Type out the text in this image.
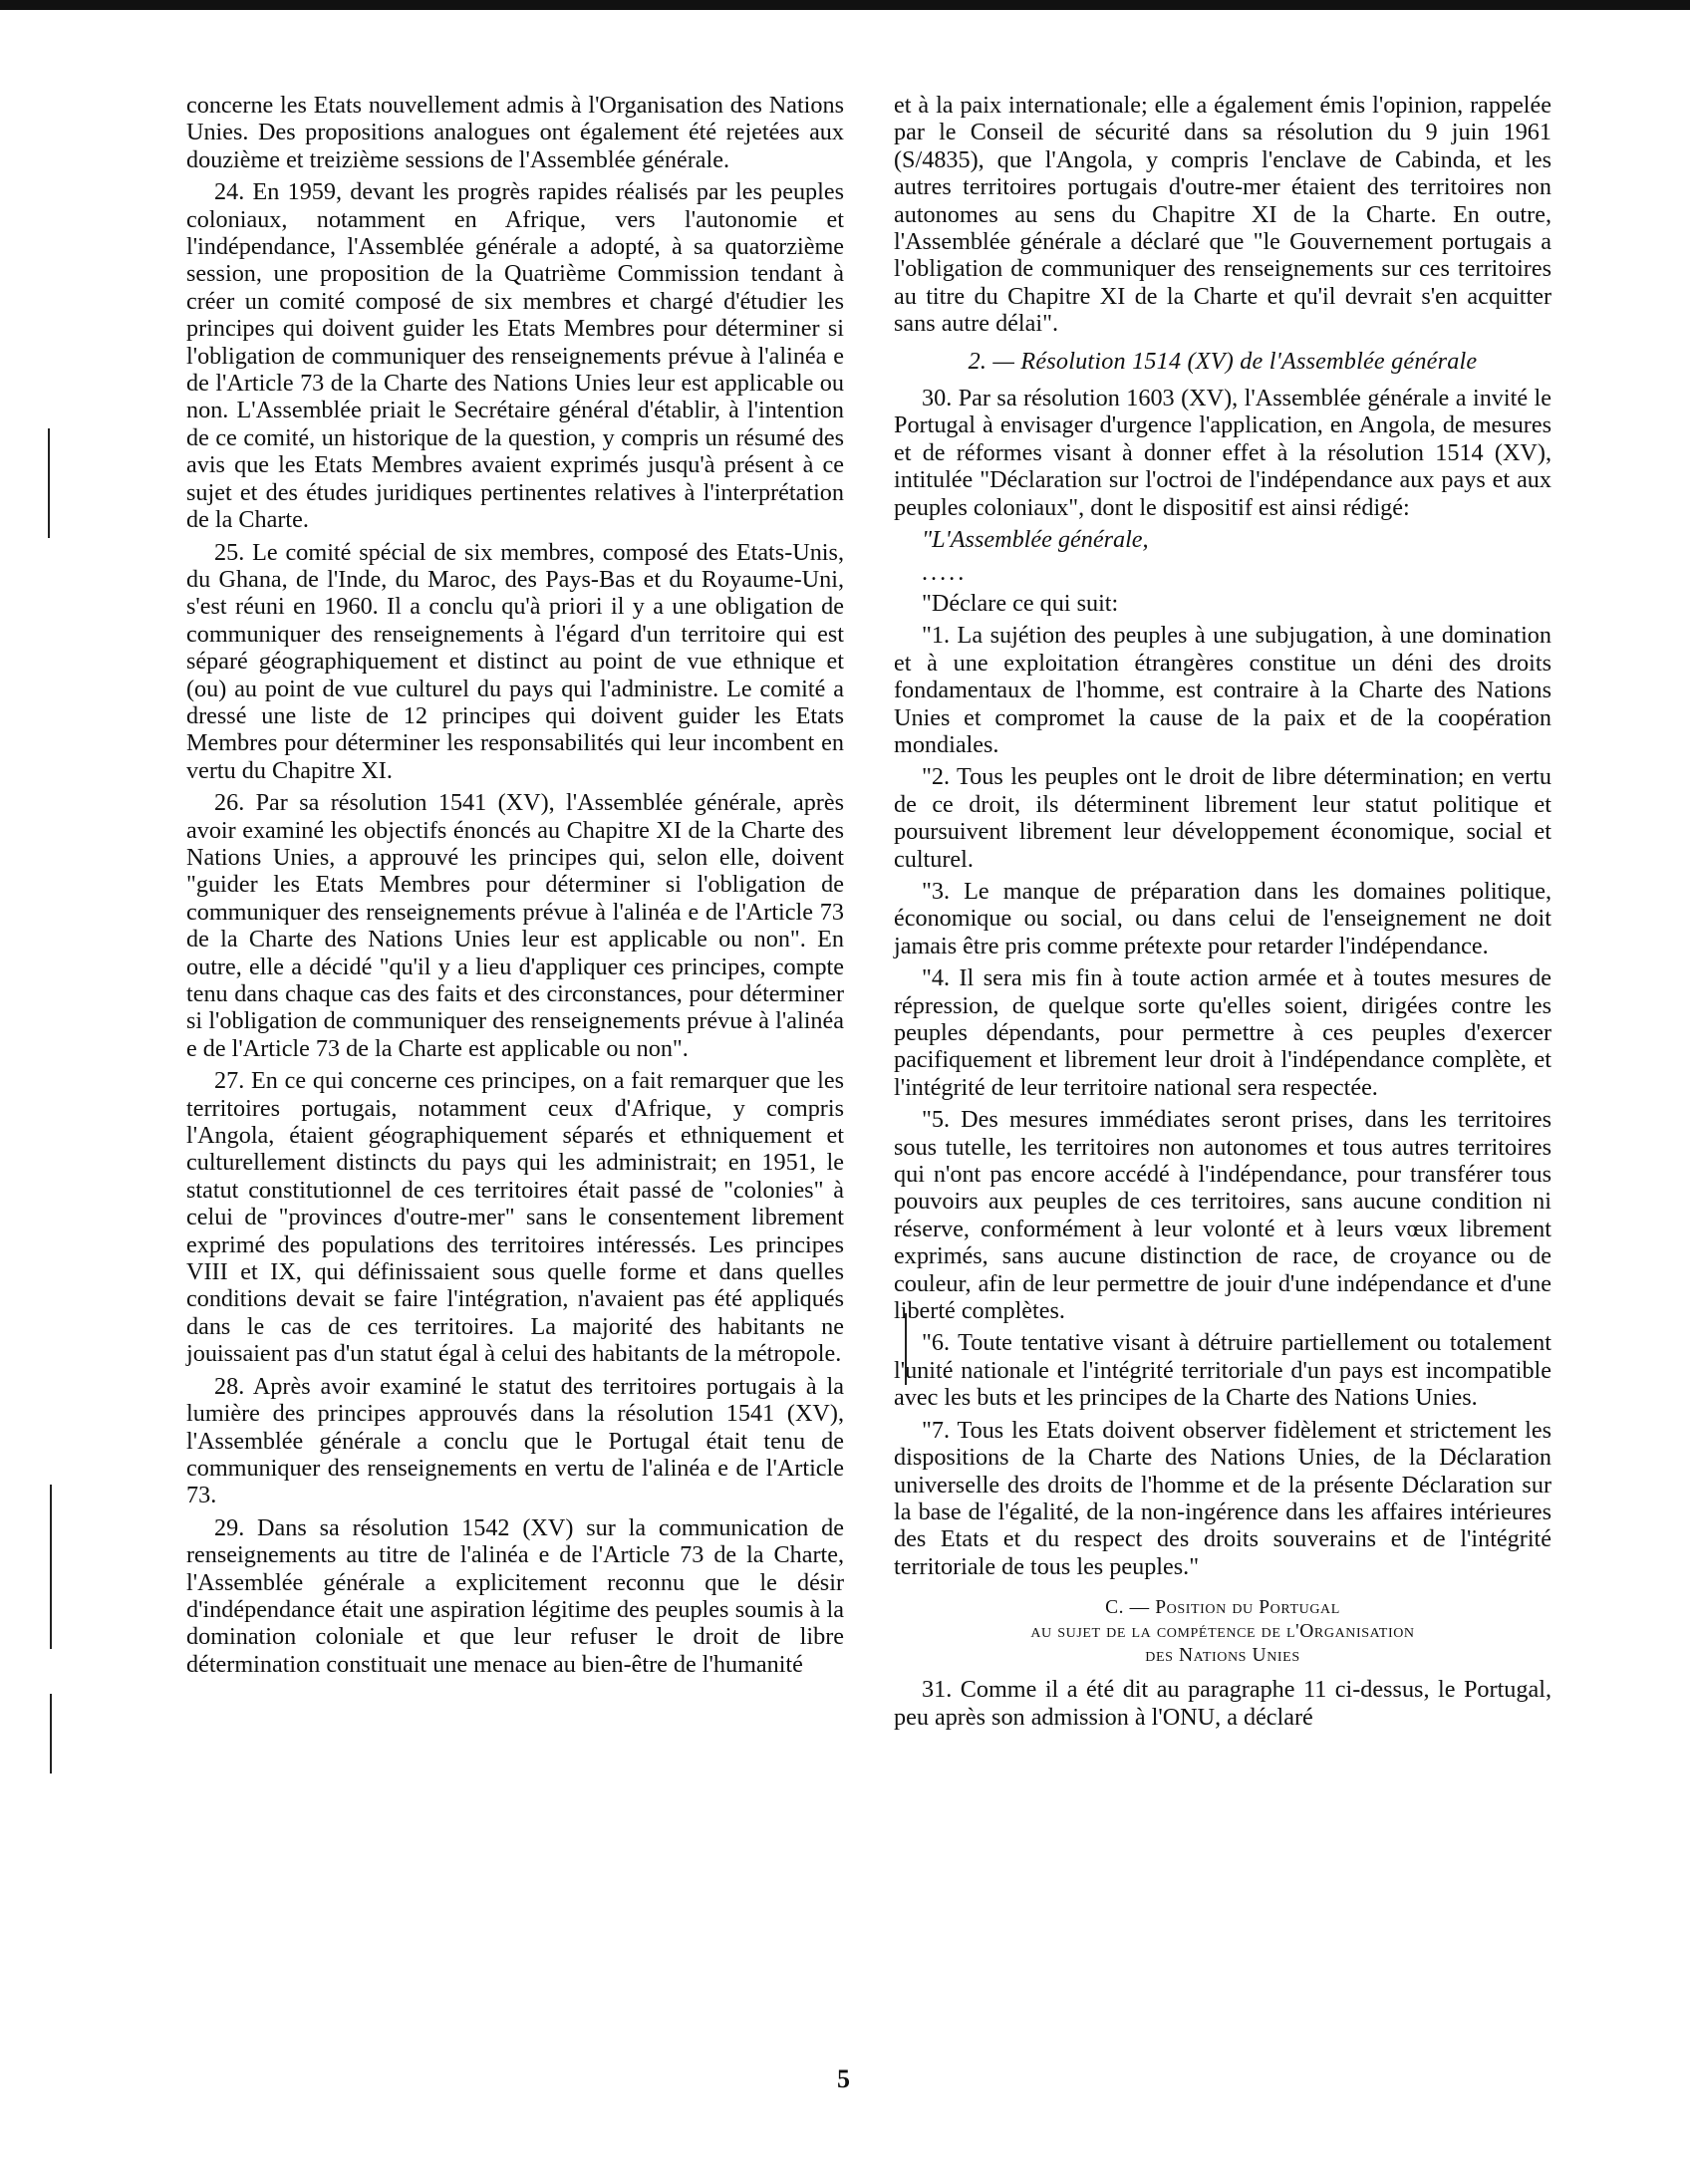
concerne les Etats nouvellement admis à l'Organisation des Nations Unies. Des propositions analogues ont également été rejetées aux douzième et treizième sessions de l'Assemblée générale.

24. En 1959, devant les progrès rapides réalisés par les peuples coloniaux, notamment en Afrique, vers l'autonomie et l'indépendance, l'Assemblée générale a adopté, à sa quatorzième session, une proposition de la Quatrième Commission tendant à créer un comité composé de six membres et chargé d'étudier les principes qui doivent guider les Etats Membres pour déterminer si l'obligation de communiquer des renseignements prévue à l'alinéa e de l'Article 73 de la Charte des Nations Unies leur est applicable ou non. L'Assemblée priait le Secrétaire général d'établir, à l'intention de ce comité, un historique de la question, y compris un résumé des avis que les Etats Membres avaient exprimés jusqu'à présent à ce sujet et des études juridiques pertinentes relatives à l'interprétation de la Charte.

25. Le comité spécial de six membres, composé des Etats-Unis, du Ghana, de l'Inde, du Maroc, des Pays-Bas et du Royaume-Uni, s'est réuni en 1960. Il a conclu qu'à priori il y a une obligation de communiquer des renseignements à l'égard d'un territoire qui est séparé géographiquement et distinct au point de vue ethnique et (ou) au point de vue culturel du pays qui l'administre. Le comité a dressé une liste de 12 principes qui doivent guider les Etats Membres pour déterminer les responsabilités qui leur incombent en vertu du Chapitre XI.

26. Par sa résolution 1541 (XV), l'Assemblée générale, après avoir examiné les objectifs énoncés au Chapitre XI de la Charte des Nations Unies, a approuvé les principes qui, selon elle, doivent "guider les Etats Membres pour déterminer si l'obligation de communiquer des renseignements prévue à l'alinéa e de l'Article 73 de la Charte des Nations Unies leur est applicable ou non". En outre, elle a décidé "qu'il y a lieu d'appliquer ces principes, compte tenu dans chaque cas des faits et des circonstances, pour déterminer si l'obligation de communiquer des renseignements prévue à l'alinéa e de l'Article 73 de la Charte est applicable ou non".

27. En ce qui concerne ces principes, on a fait remarquer que les territoires portugais, notamment ceux d'Afrique, y compris l'Angola, étaient géographiquement séparés et ethniquement et culturellement distincts du pays qui les administrait; en 1951, le statut constitutionnel de ces territoires était passé de "colonies" à celui de "provinces d'outre-mer" sans le consentement librement exprimé des populations des territoires intéressés. Les principes VIII et IX, qui définissaient sous quelle forme et dans quelles conditions devait se faire l'intégration, n'avaient pas été appliqués dans le cas de ces territoires. La majorité des habitants ne jouissaient pas d'un statut égal à celui des habitants de la métropole.

28. Après avoir examiné le statut des territoires portugais à la lumière des principes approuvés dans la résolution 1541 (XV), l'Assemblée générale a conclu que le Portugal était tenu de communiquer des renseignements en vertu de l'alinéa e de l'Article 73.

29. Dans sa résolution 1542 (XV) sur la communication de renseignements au titre de l'alinéa e de l'Article 73 de la Charte, l'Assemblée générale a explicitement reconnu que le désir d'indépendance était une aspiration légitime des peuples soumis à la domination coloniale et que leur refuser le droit de libre détermination constituait une menace au bien-être de l'humanité

et à la paix internationale; elle a également émis l'opinion, rappelée par le Conseil de sécurité dans sa résolution du 9 juin 1961 (S/4835), que l'Angola, y compris l'enclave de Cabinda, et les autres territoires portugais d'outre-mer étaient des territoires non autonomes au sens du Chapitre XI de la Charte. En outre, l'Assemblée générale a déclaré que "le Gouvernement portugais a l'obligation de communiquer des renseignements sur ces territoires au titre du Chapitre XI de la Charte et qu'il devrait s'en acquitter sans autre délai".

2. — Résolution 1514 (XV) de l'Assemblée générale

30. Par sa résolution 1603 (XV), l'Assemblée générale a invité le Portugal à envisager d'urgence l'application, en Angola, de mesures et de réformes visant à donner effet à la résolution 1514 (XV), intitulée "Déclaration sur l'octroi de l'indépendance aux pays et aux peuples coloniaux", dont le dispositif est ainsi rédigé:

"L'Assemblée générale,

.....

"Déclare ce qui suit:

"1. La sujétion des peuples à une subjugation, à une domination et à une exploitation étrangères constitue un déni des droits fondamentaux de l'homme, est contraire à la Charte des Nations Unies et compromet la cause de la paix et de la coopération mondiales.

"2. Tous les peuples ont le droit de libre détermination; en vertu de ce droit, ils déterminent librement leur statut politique et poursuivent librement leur développement économique, social et culturel.

"3. Le manque de préparation dans les domaines politique, économique ou social, ou dans celui de l'enseignement ne doit jamais être pris comme prétexte pour retarder l'indépendance.

"4. Il sera mis fin à toute action armée et à toutes mesures de répression, de quelque sorte qu'elles soient, dirigées contre les peuples dépendants, pour permettre à ces peuples d'exercer pacifiquement et librement leur droit à l'indépendance complète, et l'intégrité de leur territoire national sera respectée.

"5. Des mesures immédiates seront prises, dans les territoires sous tutelle, les territoires non autonomes et tous autres territoires qui n'ont pas encore accédé à l'indépendance, pour transférer tous pouvoirs aux peuples de ces territoires, sans aucune condition ni réserve, conformément à leur volonté et à leurs vœux librement exprimés, sans aucune distinction de race, de croyance ou de couleur, afin de leur permettre de jouir d'une indépendance et d'une liberté complètes.

"6. Toute tentative visant à détruire partiellement ou totalement l'unité nationale et l'intégrité territoriale d'un pays est incompatible avec les buts et les principes de la Charte des Nations Unies.

"7. Tous les Etats doivent observer fidèlement et strictement les dispositions de la Charte des Nations Unies, de la Déclaration universelle des droits de l'homme et de la présente Déclaration sur la base de l'égalité, de la non-ingérence dans les affaires intérieures des Etats et du respect des droits souverains et de l'intégrité territoriale de tous les peuples."

C. — Position du Portugal
au sujet de la compétence de l'Organisation
des Nations Unies

31. Comme il a été dit au paragraphe 11 ci-dessus, le Portugal, peu après son admission à l'ONU, a déclaré

5
